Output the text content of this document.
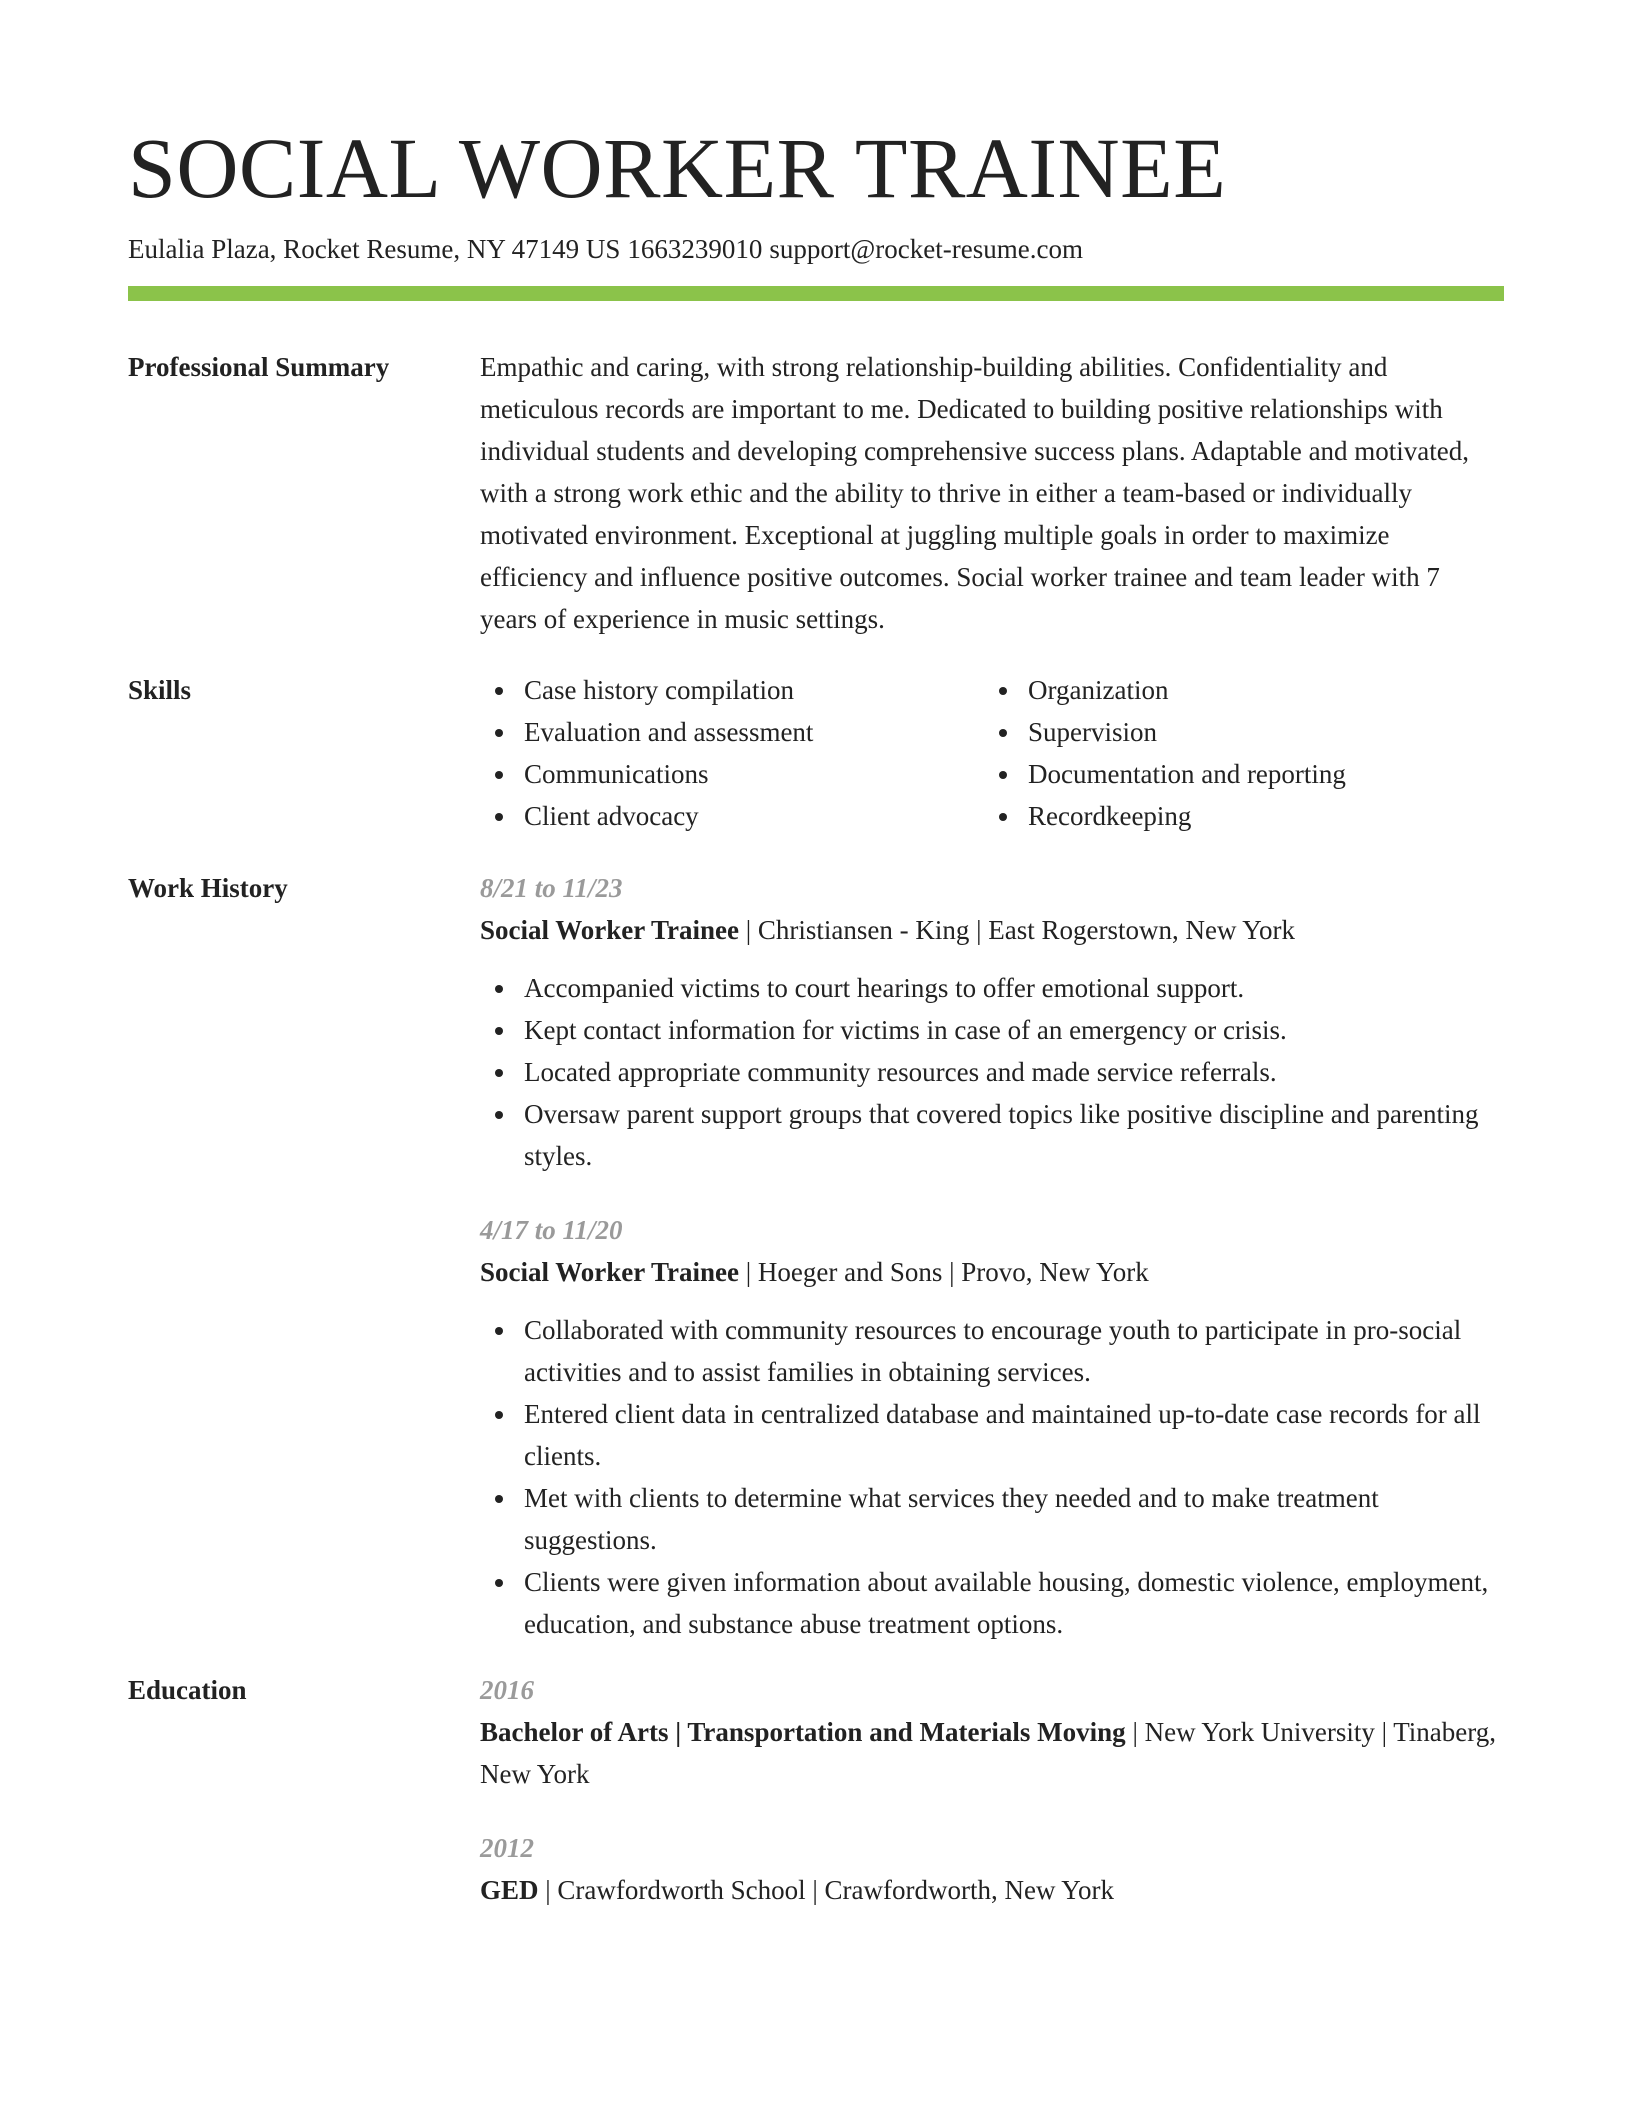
SOCIAL WORKER TRAINEE
Eulalia Plaza, Rocket Resume, NY 47149 US 1663239010 support@rocket-resume.com
Professional Summary	Empathic and caring, with strong relationship-building abilities. Confidentiality and meticulous records are important to me. Dedicated to building positive relationships with individual students and developing comprehensive success plans. Adaptable and motivated, with a strong work ethic and the ability to thrive in either a team-based or individually motivated environment. Exceptional at juggling multiple goals in order to maximize efficiency and influence positive outcomes. Social worker trainee and team leader with 7 years of experience in music settings.

Skills	Case history compilation
Evaluation and assessment
Communications
Client advocacy
Organization
Supervision
Documentation and reporting
Recordkeeping
Work History	8/21 to 11/23
Social Worker Trainee | Christiansen - King | East Rogerstown, New York
Accompanied victims to court hearings to offer emotional support.
Kept contact information for victims in case of an emergency or crisis.
Located appropriate community resources and made service referrals.
Oversaw parent support groups that covered topics like positive discipline and parenting styles.
4/17 to 11/20
Social Worker Trainee | Hoeger and Sons | Provo, New York
Collaborated with community resources to encourage youth to participate in pro-social activities and to assist families in obtaining services.
Entered client data in centralized database and maintained up-to-date case records for all clients.
Met with clients to determine what services they needed and to make treatment suggestions.
Clients were given information about available housing, domestic violence, employment, education, and substance abuse treatment options.
Education	2016
Bachelor of Arts | Transportation and Materials Moving | New York University | Tinaberg, New York
2012
GED | Crawfordworth School | Crawfordworth, New York
